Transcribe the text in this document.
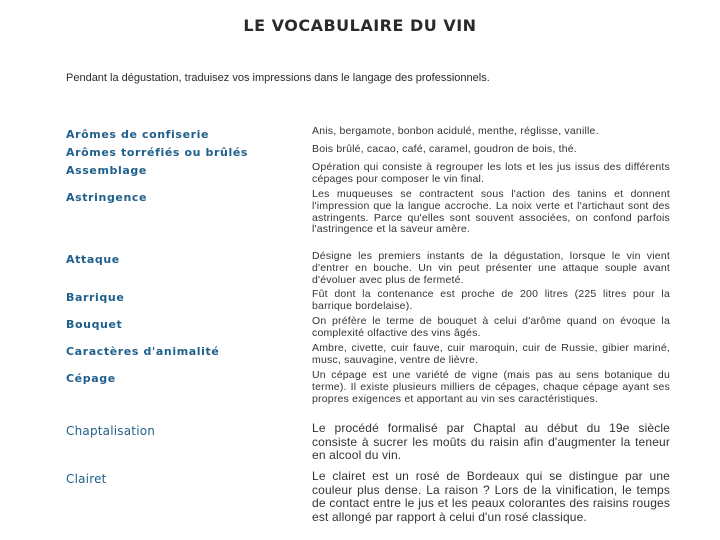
LE VOCABULAIRE DU VIN
Pendant la dégustation, traduisez vos impressions dans le langage des professionnels.
Arômes de confiserie	Anis, bergamote, bonbon acidulé, menthe, réglisse, vanille.
Arômes torréfiés ou brûlés	Bois brûlé, cacao, café, caramel, goudron de bois, thé.
Assemblage	Opération qui consiste à regrouper les lots et les jus issus des différents cépages pour composer le vin final.
Astringence	Les muqueuses se contractent sous l'action des tanins et donnent l'impression que la langue accroche. La noix verte et l'artichaut sont des astringents. Parce qu'elles sont souvent associées, on confond parfois l'astringence et la saveur amère.
Attaque	Désigne les premiers instants de la dégustation, lorsque le vin vient d'entrer en bouche. Un vin peut présenter une attaque souple avant d'évoluer avec plus de fermeté.
Barrique	Fût dont la contenance est proche de 200 litres (225 litres pour la barrique bordelaise).
Bouquet	On préfère le terme de bouquet à celui d'arôme quand on évoque la complexité olfactive des vins âgés.
Caractères d'animalité	Ambre, civette, cuir fauve, cuir maroquin, cuir de Russie, gibier mariné, musc, sauvagine, ventre de lièvre.
Cépage	Un cépage est une variété de vigne (mais pas au sens botanique du terme). Il existe plusieurs milliers de cépages, chaque cépage ayant ses propres exigences et apportant au vin ses caractéristiques.
Chaptalisation	Le procédé formalisé par Chaptal au début du 19e siècle consiste à sucrer les moûts du raisin afin d'augmenter la teneur en alcool du vin.
Clairet	Le clairet est un rosé de Bordeaux qui se distingue par une couleur plus dense. La raison ? Lors de la vinification, le temps de contact entre le jus et les peaux colorantes des raisins rouges est allongé par rapport à celui d'un rosé classique.
